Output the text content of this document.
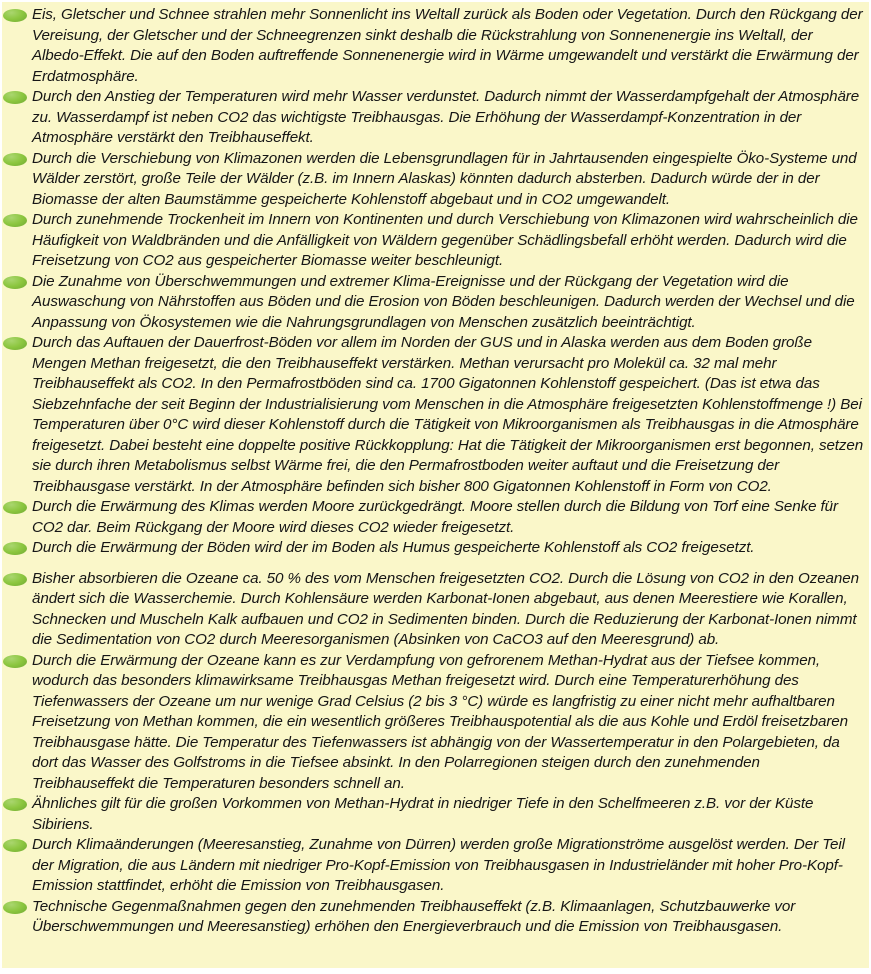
Eis, Gletscher und Schnee strahlen mehr Sonnenlicht ins Weltall zurück als Boden oder Vegetation. Durch den Rückgang der Vereisung, der Gletscher und der Schneegrenzen sinkt deshalb die Rückstrahlung von Sonnenenergie ins Weltall, der Albedo-Effekt. Die auf den Boden auftreffende Sonnenenergie wird in Wärme umgewandelt und verstärkt die Erwärmung der Erdatmosphäre.
Durch den Anstieg der Temperaturen wird mehr Wasser verdunstet. Dadurch nimmt der Wasserdampfgehalt der Atmosphäre zu. Wasserdampf ist neben CO2 das wichtigste Treibhausgas. Die Erhöhung der Wasserdampf-Konzentration in der Atmosphäre verstärkt den Treibhauseffekt.
Durch die Verschiebung von Klimazonen werden die Lebensgrundlagen für in Jahrtausenden eingespielte Öko-Systeme und Wälder zerstört, große Teile der Wälder (z.B. im Innern Alaskas) könnten dadurch absterben. Dadurch würde der in der Biomasse der alten Baumstämme gespeicherte Kohlenstoff abgebaut und in CO2 umgewandelt.
Durch zunehmende Trockenheit im Innern von Kontinenten und durch Verschiebung von Klimazonen wird wahrscheinlich die Häufigkeit von Waldbränden und die Anfälligkeit von Wäldern gegenüber Schädlingsbefall erhöht werden. Dadurch wird die Freisetzung von CO2 aus gespeicherter Biomasse weiter beschleunigt.
Die Zunahme von Überschwemmungen und extremer Klima-Ereignisse und der Rückgang der Vegetation wird die Auswaschung von Nährstoffen aus Böden und die Erosion von Böden beschleunigen. Dadurch werden der Wechsel und die Anpassung von Ökosystemen wie die Nahrungsgrundlagen von Menschen zusätzlich beeinträchtigt.
Durch das Auftauen der Dauerfrost-Böden vor allem im Norden der GUS und in Alaska werden aus dem Boden große Mengen Methan freigesetzt, die den Treibhauseffekt verstärken. Methan verursacht pro Molekül ca. 32 mal mehr Treibhauseffekt als CO2. In den Permafrostböden sind ca. 1700 Gigatonnen Kohlenstoff gespeichert. (Das ist etwa das Siebzehnfache der seit Beginn der Industrialisierung vom Menschen in die Atmosphäre freigesetzten Kohlenstoffmenge !) Bei Temperaturen über 0°C wird dieser Kohlenstoff durch die Tätigkeit von Mikroorganismen als Treibhausgas in die Atmosphäre freigesetzt. Dabei besteht eine doppelte positive Rückkopplung: Hat die Tätigkeit der Mikroorganismen erst begonnen, setzen sie durch ihren Metabolismus selbst Wärme frei, die den Permafrostboden weiter auftaut und die Freisetzung der Treibhausgase verstärkt. In der Atmosphäre befinden sich bisher 800 Gigatonnen Kohlenstoff in Form von CO2.
Durch die Erwärmung des Klimas werden Moore zurückgedrängt. Moore stellen durch die Bildung von Torf eine Senke für CO2 dar. Beim Rückgang der Moore wird dieses CO2 wieder freigesetzt.
Durch die Erwärmung der Böden wird der im Boden als Humus gespeicherte Kohlenstoff als CO2 freigesetzt.
Bisher absorbieren die Ozeane ca. 50 % des vom Menschen freigesetzten CO2. Durch die Lösung von CO2 in den Ozeanen ändert sich die Wasserchemie. Durch Kohlensäure werden Karbonat-Ionen abgebaut, aus denen Meerestiere wie Korallen, Schnecken und Muscheln Kalk aufbauen und CO2 in Sedimenten binden. Durch die Reduzierung der Karbonat-Ionen nimmt die Sedimentation von CO2 durch Meeresorganismen (Absinken von CaCO3 auf den Meeresgrund) ab.
Durch die Erwärmung der Ozeane kann es zur Verdampfung von gefrorenem Methan-Hydrat aus der Tiefsee kommen, wodurch das besonders klimawirksame Treibhausgas Methan freigesetzt wird. Durch eine Temperaturerhöhung des Tiefenwassers der Ozeane um nur wenige Grad Celsius (2 bis 3 °C) würde es langfristig zu einer nicht mehr aufhaltbaren Freisetzung von Methan kommen, die ein wesentlich größeres Treibhauspotential als die aus Kohle und Erdöl freisetzbaren Treibhausgase hätte. Die Temperatur des Tiefenwassers ist abhängig von der Wassertemperatur in den Polargebieten, da dort das Wasser des Golfstroms in die Tiefsee absinkt. In den Polarregionen steigen durch den zunehmenden Treibhauseffekt die Temperaturen besonders schnell an.
Ähnliches gilt für die großen Vorkommen von Methan-Hydrat in niedriger Tiefe in den Schelfmeeren z.B. vor der Küste Sibiriens.
Durch Klimaänderungen (Meeresanstieg, Zunahme von Dürren) werden große Migrationströme ausgelöst werden. Der Teil der Migration, die aus Ländern mit niedriger Pro-Kopf-Emission von Treibhausgasen in Industrieländer mit hoher Pro-Kopf-Emission stattfindet, erhöht die Emission von Treibhausgasen.
Technische Gegenmaßnahmen gegen den zunehmenden Treibhauseffekt (z.B. Klimaanlagen, Schutzbauwerke vor Überschwemmungen und Meeresanstieg) erhöhen den Energieverbrauch und die Emission von Treibhausgasen.
